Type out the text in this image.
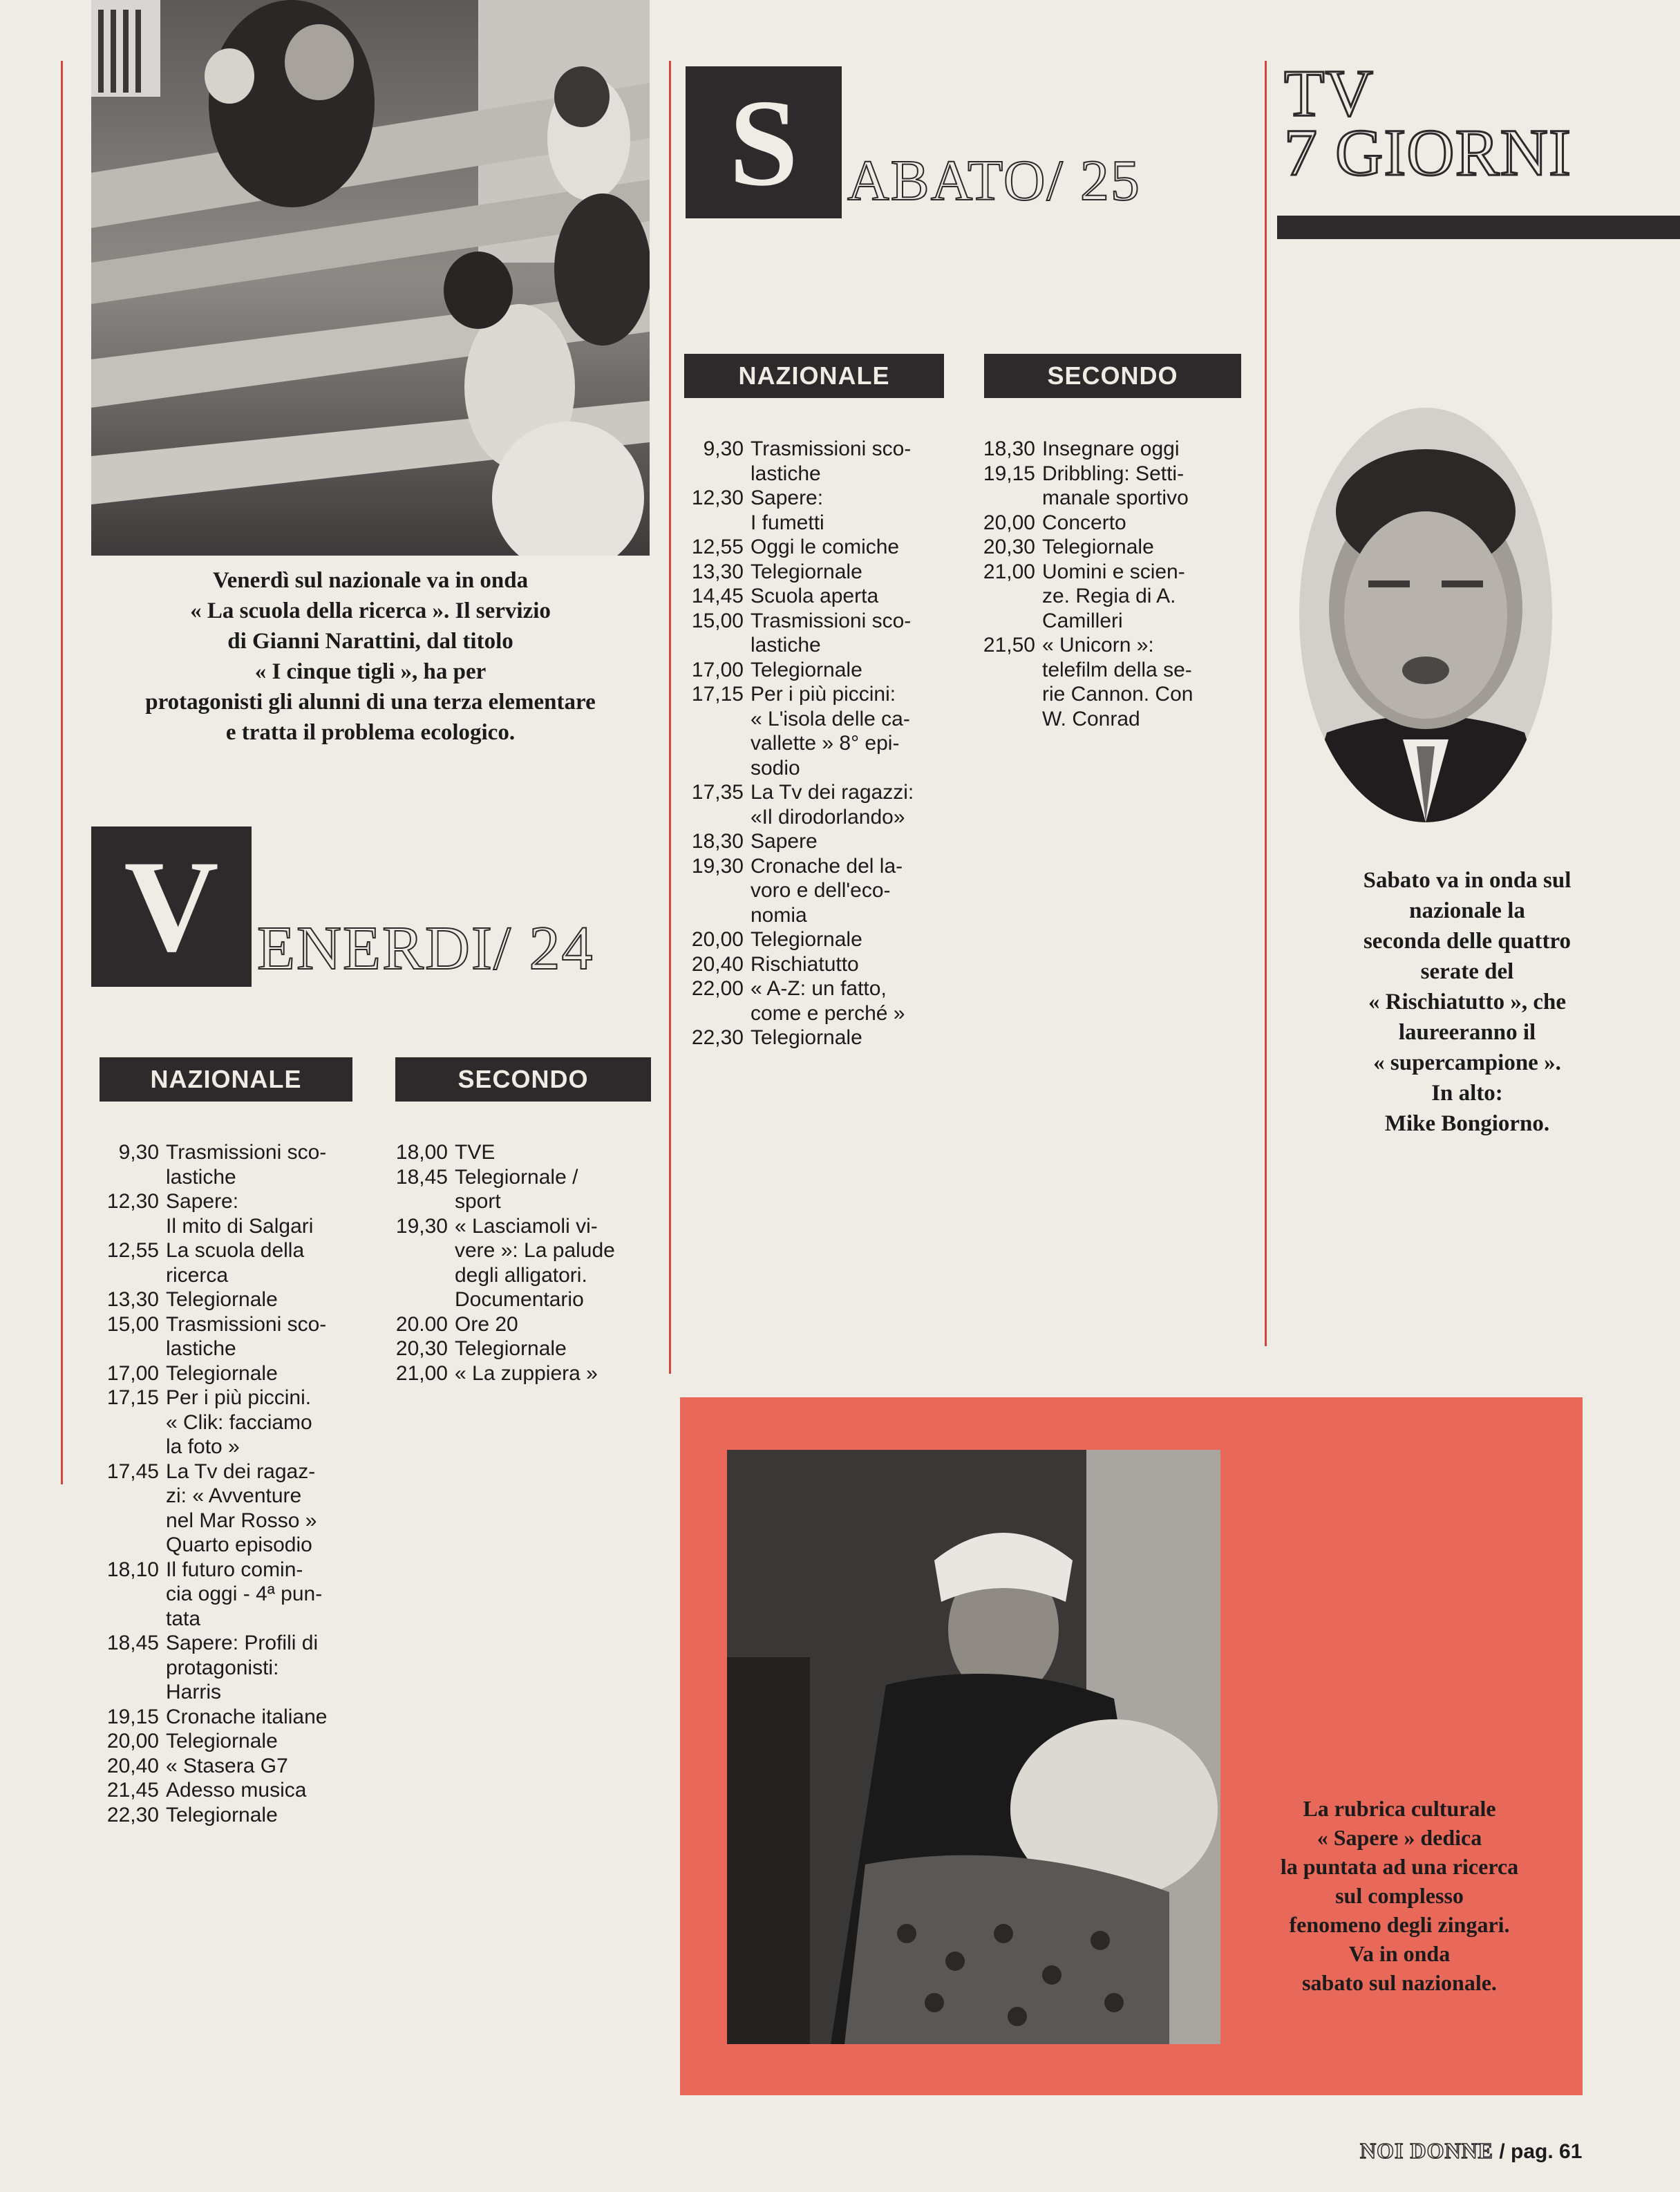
Venerdì sul nazionale va in onda
« La scuola della ricerca ». Il servizio
di Gianni Narattini, dal titolo
« I cinque tigli », ha per
protagonisti gli alunni di una terza elementare
e tratta il problema ecologico.
V ENERDI/ 24
NAZIONALE	SECONDO
9,30 Trasmissioni sco-
lastiche
12,30 Sapere:
Il mito di Salgari
12,55 La scuola della
ricerca
13,30 Telegiornale
15,00 Trasmissioni sco-
lastiche
17,00 Telegiornale
17,15 Per i più piccini.
« Clik: facciamo
la foto »
17,45 La Tv dei ragaz-
zi: « Avventure
nel Mar Rosso »
Quarto episodio
18,10 Il futuro comin-
cia oggi - 4ª pun-
tata
18,45 Sapere: Profili di
protagonisti:
Harris
19,15 Cronache italiane
20,00 Telegiornale
20,40 « Stasera G7
21,45 Adesso musica
22,30 Telegiornale
18,00 TVE
18,45 Telegiornale /
sport
19,30 « Lasciamoli vi-
vere »: La palude
degli alligatori.
Documentario
20.00 Ore 20
20,30 Telegiornale
21,00 « La zuppiera »
S ABATO/ 25
NAZIONALE	SECONDO
9,30 Trasmissioni sco-
lastiche
12,30 Sapere:
I fumetti
12,55 Oggi le comiche
13,30 Telegiornale
14,45 Scuola aperta
15,00 Trasmissioni sco-
lastiche
17,00 Telegiornale
17,15 Per i più piccini:
« L'isola delle ca-
vallette » 8° epi-
sodio
17,35 La Tv dei ragazzi:
«Il dirodorlando»
18,30 Sapere
19,30 Cronache del la-
voro e dell'eco-
nomia
20,00 Telegiornale
20,40 Rischiatutto
22,00 « A-Z: un fatto,
come e perché »
22,30 Telegiornale
18,30 Insegnare oggi
19,15 Dribbling: Setti-
manale sportivo
20,00 Concerto
20,30 Telegiornale
21,00 Uomini e scien-
ze. Regia di A.
Camilleri
21,50 « Unicorn »:
telefilm della se-
rie Cannon. Con
W. Conrad
TV
7 GIORNI
Sabato va in onda sul
nazionale la
seconda delle quattro
serate del
« Rischiatutto », che
laureeranno il
« supercampione ».
In alto:
Mike Bongiorno.
La rubrica culturale
« Sapere » dedica
la puntata ad una ricerca
sul complesso
fenomeno degli zingari.
Va in onda
sabato sul nazionale.
NOI DONNE / pag. 61
